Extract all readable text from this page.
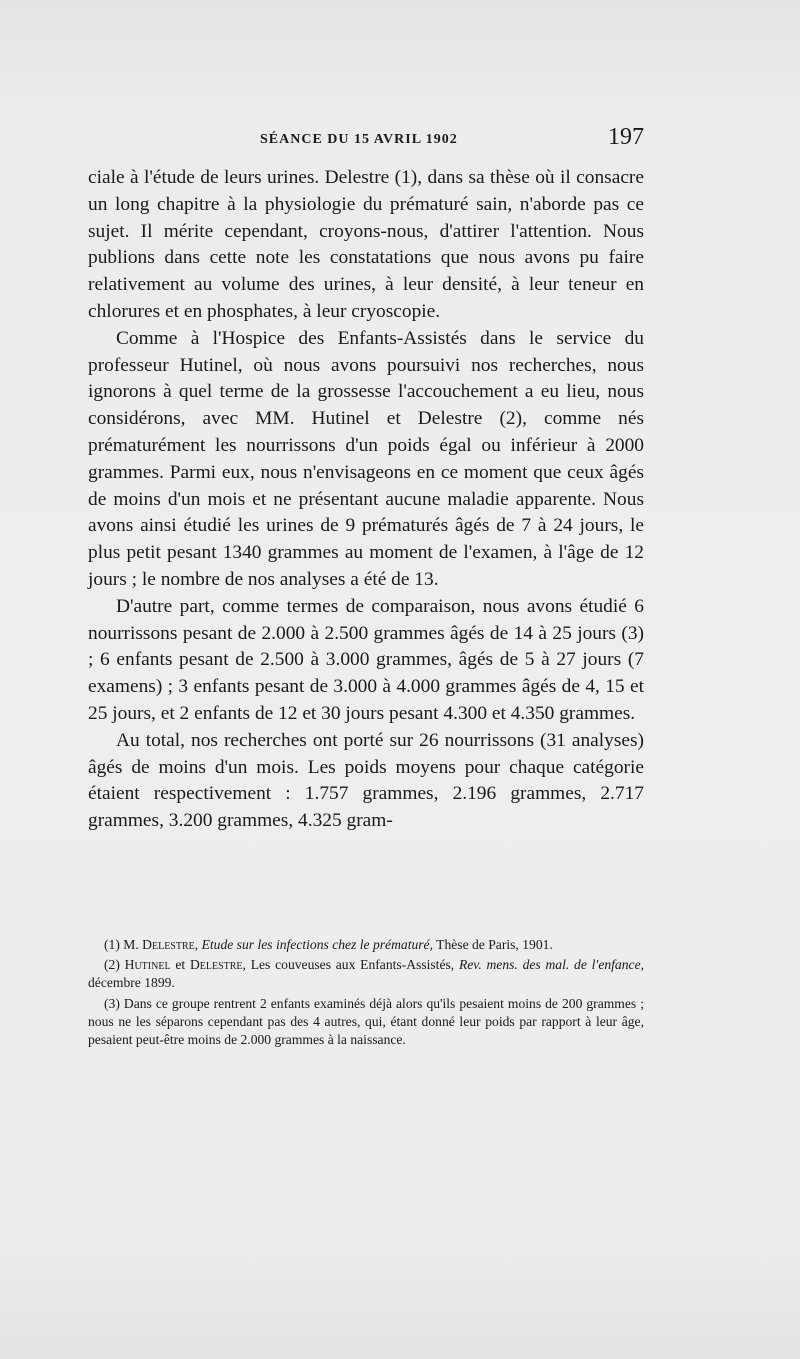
SÉANCE DU 15 AVRIL 1902	197

ciale à l'étude de leurs urines. Delestre (1), dans sa thèse où il consacre un long chapitre à la physiologie du prématuré sain, n'aborde pas ce sujet. Il mérite cependant, croyons-nous, d'attirer l'attention. Nous publions dans cette note les constatations que nous avons pu faire relativement au volume des urines, à leur densité, à leur teneur en chlorures et en phosphates, à leur cryoscopie.

Comme à l'Hospice des Enfants-Assistés dans le service du professeur Hutinel, où nous avons poursuivi nos recherches, nous ignorons à quel terme de la grossesse l'accouchement a eu lieu, nous considérons, avec MM. Hutinel et Delestre (2), comme nés prématurément les nourrissons d'un poids égal ou inférieur à 2000 grammes. Parmi eux, nous n'envisageons en ce moment que ceux âgés de moins d'un mois et ne présentant aucune maladie apparente. Nous avons ainsi étudié les urines de 9 prématurés âgés de 7 à 24 jours, le plus petit pesant 1340 grammes au moment de l'examen, à l'âge de 12 jours ; le nombre de nos analyses a été de 13.

D'autre part, comme termes de comparaison, nous avons étudié 6 nourrissons pesant de 2.000 à 2.500 grammes âgés de 14 à 25 jours (3) ; 6 enfants pesant de 2.500 à 3.000 grammes, âgés de 5 à 27 jours (7 examens) ; 3 enfants pesant de 3.000 à 4.000 grammes âgés de 4, 15 et 25 jours, et 2 enfants de 12 et 30 jours pesant 4.300 et 4.350 grammes.

Au total, nos recherches ont porté sur 26 nourrissons (31 analyses) âgés de moins d'un mois. Les poids moyens pour chaque catégorie étaient respectivement : 1.757 grammes, 2.196 grammes, 2.717 grammes, 3.200 grammes, 4.325 gram-

(1) M. Delestre, Etude sur les infections chez le prématuré, Thèse de Paris, 1901.

(2) Hutinel et Delestre, Les couveuses aux Enfants-Assistés, Rev. mens. des mal. de l'enfance, décembre 1899.

(3) Dans ce groupe rentrent 2 enfants examinés déjà alors qu'ils pesaient moins de 200 grammes ; nous ne les séparons cependant pas des 4 autres, qui, étant donné leur poids par rapport à leur âge, pesaient peut-être moins de 2.000 grammes à la naissance.
